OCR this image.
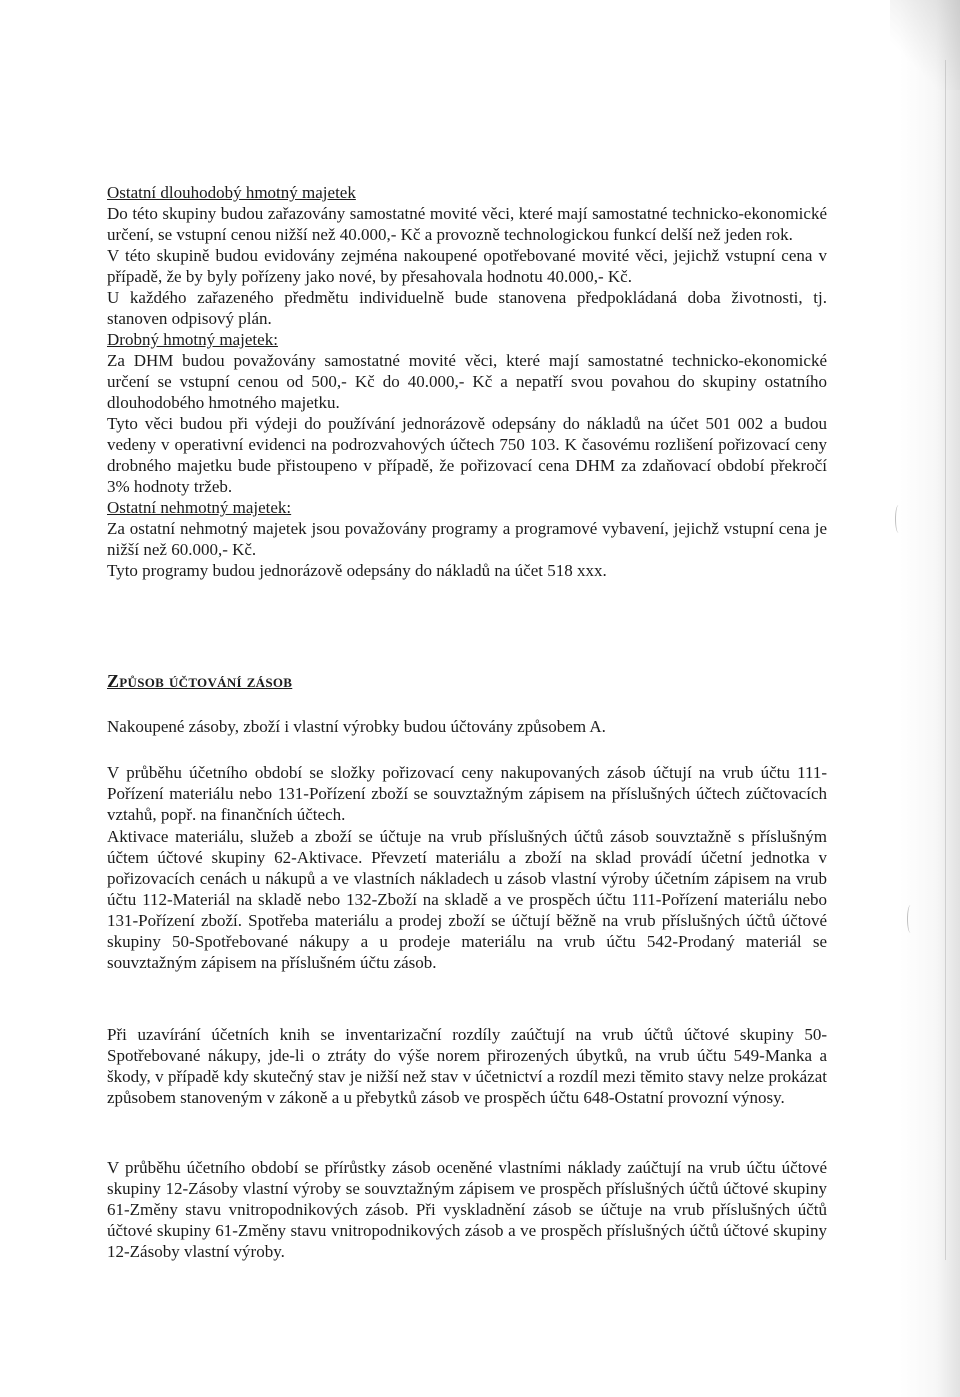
Ostatní dlouhodobý hmotný majetek

Do této skupiny budou zařazovány samostatné movité věci, které mají samostatné technicko-ekonomické určení, se vstupní cenou nižší než 40.000,- Kč a provozně technologickou funkcí delší než jeden rok.

V této skupině budou evidovány zejména nakoupené opotřebované movité věci, jejichž vstupní cena v případě, že by byly pořízeny jako nové, by přesahovala hodnotu 40.000,- Kč.

U každého zařazeného předmětu individuelně bude stanovena předpokládaná doba životnosti, tj. stanoven odpisový plán.

Drobný hmotný majetek:

Za DHM budou považovány samostatné movité věci, které mají samostatné technicko-ekonomické určení se vstupní cenou od 500,- Kč do 40.000,- Kč a nepatří svou povahou do skupiny ostatního dlouhodobého hmotného majetku.

Tyto věci budou při výdeji do používání jednorázově odepsány do nákladů na účet 501 002 a budou vedeny v operativní evidenci na podrozvahových účtech 750 103. K časovému rozlišení pořizovací ceny drobného majetku bude přistoupeno v případě, že pořizovací cena DHM za zdaňovací období překročí 3% hodnoty tržeb.

Ostatní nehmotný majetek:

Za ostatní nehmotný majetek jsou považovány programy a programové vybavení, jejichž vstupní cena je nižší než 60.000,- Kč.

Tyto programy budou jednorázově odepsány do nákladů na účet 518 xxx.

Způsob účtování zásob

Nakoupené zásoby, zboží i vlastní výrobky budou účtovány způsobem A.

V průběhu účetního období se složky pořizovací ceny nakupovaných zásob účtují na vrub účtu 111-Pořízení materiálu nebo 131-Pořízení zboží se souvztažným zápisem na příslušných účtech zúčtovacích vztahů, popř. na finančních účtech.

Aktivace materiálu, služeb a zboží se účtuje na vrub příslušných účtů zásob souvztažně s příslušným účtem účtové skupiny 62-Aktivace. Převzetí materiálu a zboží na sklad provádí účetní jednotka v pořizovacích cenách u nákupů a ve vlastních nákladech u zásob vlastní výroby účetním zápisem na vrub účtu 112-Materiál na skladě nebo 132-Zboží na skladě a ve prospěch účtu 111-Pořízení materiálu nebo 131-Pořízení zboží. Spotřeba materiálu a prodej zboží se účtují běžně na vrub příslušných účtů účtové skupiny 50-Spotřebované nákupy a u prodeje materiálu na vrub účtu 542-Prodaný materiál se souvztažným zápisem na příslušném účtu zásob.

Při uzavírání účetních knih se inventarizační rozdíly zaúčtují na vrub účtů účtové skupiny 50-Spotřebované nákupy, jde-li o ztráty do výše norem přirozených úbytků, na vrub účtu 549-Manka a škody, v případě kdy skutečný stav je nižší než stav v účetnictví a rozdíl mezi těmito stavy nelze prokázat způsobem stanoveným v zákoně a u přebytků zásob ve prospěch účtu 648-Ostatní provozní výnosy.

V průběhu účetního období se přírůstky zásob oceněné vlastními náklady zaúčtují na vrub účtu účtové skupiny 12-Zásoby vlastní výroby se souvztažným zápisem ve prospěch příslušných účtů účtové skupiny 61-Změny stavu vnitropodnikových zásob. Při vyskladnění zásob se účtuje na vrub příslušných účtů účtové skupiny 61-Změny stavu vnitropodnikových zásob a ve prospěch příslušných účtů účtové skupiny 12-Zásoby vlastní výroby.
